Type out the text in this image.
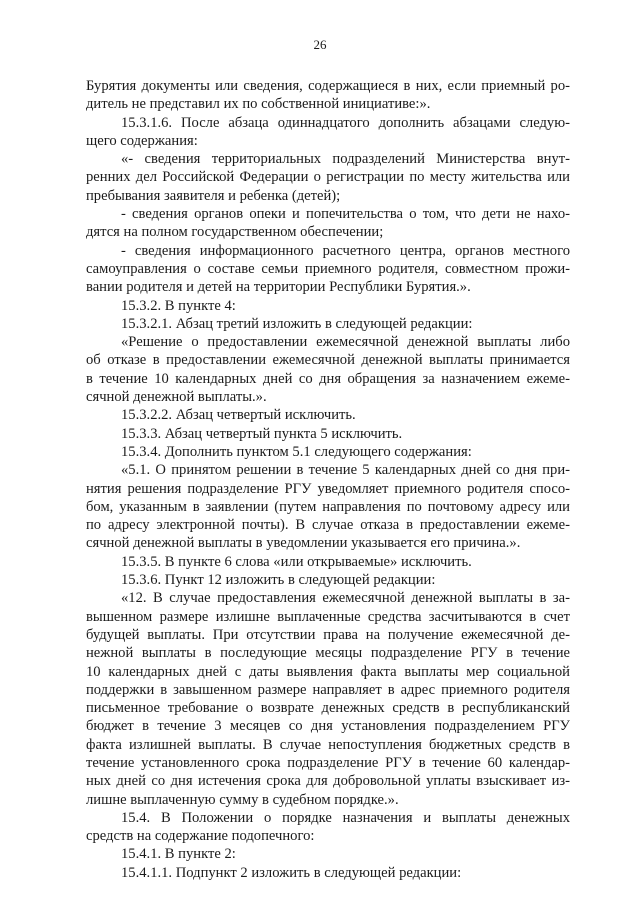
26
Бурятия документы или сведения, содержащиеся в них, если приемный ро-
дитель не представил их по собственной инициативе:».
15.3.1.6. После абзаца одиннадцатого дополнить абзацами следую-
щего содержания:
«- сведения территориальных подразделений Министерства внут-
ренних дел Российской Федерации о регистрации по месту жительства или
пребывания заявителя и ребенка (детей);
- сведения органов опеки и попечительства о том, что дети не нахо-
дятся на полном государственном обеспечении;
- сведения информационного расчетного центра, органов местного
самоуправления о составе семьи приемного родителя, совместном прожи-
вании родителя и детей на территории Республики Бурятия.».
15.3.2. В пункте 4:
15.3.2.1. Абзац третий изложить в следующей редакции:
«Решение о предоставлении ежемесячной денежной выплаты либо
об отказе в предоставлении ежемесячной денежной выплаты принимается
в течение 10 календарных дней со дня обращения за назначением ежеме-
сячной денежной выплаты.».
15.3.2.2. Абзац четвертый исключить.
15.3.3. Абзац четвертый пункта 5 исключить.
15.3.4. Дополнить пунктом 5.1 следующего содержания:
«5.1. О принятом решении в течение 5 календарных дней со дня при-
нятия решения подразделение РГУ уведомляет приемного родителя спосо-
бом, указанным в заявлении (путем направления по почтовому адресу или
по адресу электронной почты). В случае отказа в предоставлении ежеме-
сячной денежной выплаты в уведомлении указывается его причина.».
15.3.5. В пункте 6 слова «или открываемые» исключить.
15.3.6. Пункт 12 изложить в следующей редакции:
«12. В случае предоставления ежемесячной денежной выплаты в за-
вышенном размере излишне выплаченные средства засчитываются в счет
будущей выплаты. При отсутствии права на получение ежемесячной де-
нежной выплаты в последующие месяцы подразделение РГУ в течение
10 календарных дней с даты выявления факта выплаты мер социальной
поддержки в завышенном размере направляет в адрес приемного родителя
письменное требование о возврате денежных средств в республиканский
бюджет в течение 3 месяцев со дня установления подразделением РГУ
факта излишней выплаты. В случае непоступления бюджетных средств в
течение установленного срока подразделение РГУ в течение 60 календар-
ных дней со дня истечения срока для добровольной уплаты взыскивает из-
лишне выплаченную сумму в судебном порядке.».
15.4. В Положении о порядке назначения и выплаты денежных
средств на содержание подопечного:
15.4.1. В пункте 2:
15.4.1.1. Подпункт 2 изложить в следующей редакции:
